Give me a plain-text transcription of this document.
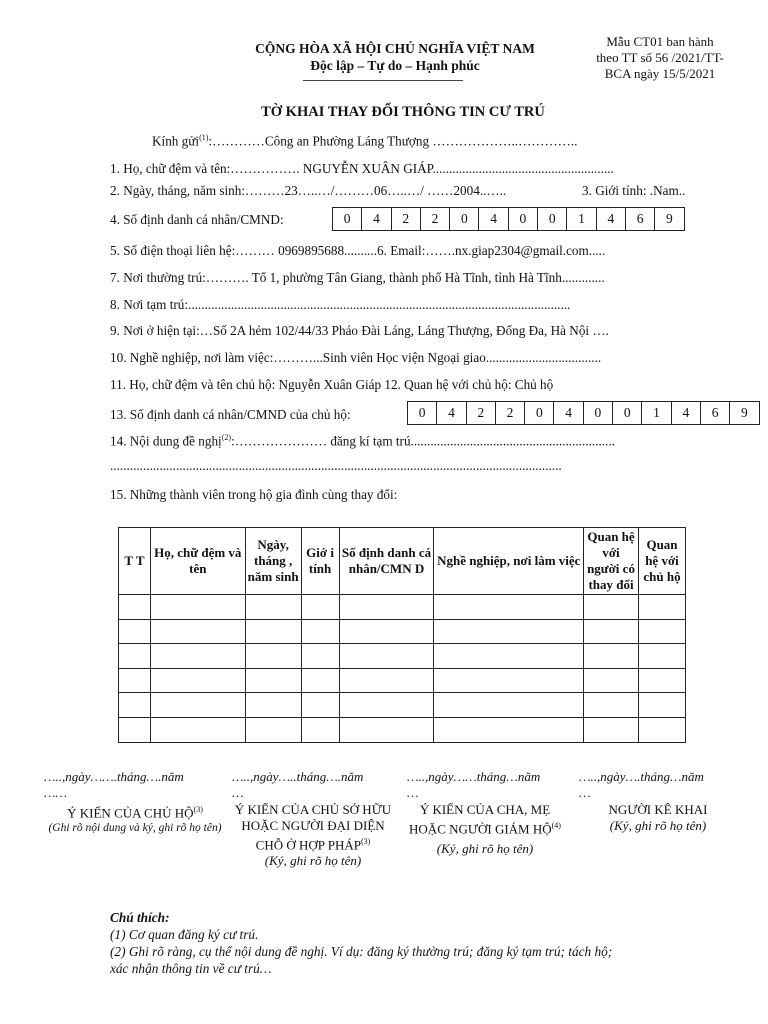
CỘNG HÒA XÃ HỘI CHỦ NGHĨA VIỆT NAM
Độc lập – Tự do – Hạnh phúc
Mẫu CT01 ban hành
theo TT số 56 /2021/TT-
BCA ngày 15/5/2021
TỜ KHAI THAY ĐỔI THÔNG TIN CƯ TRÚ
Kính gửi$^{(1)}$:…………Công an Phường Láng Thượng ………………..…………..
1. Họ, chữ đệm và tên:……………. NGUYỄN XUÂN GIÁP.......................................................
2. Ngày, tháng, năm sinh:………23…..…/………06…..…/ ……2004..…..	3. Giới tính: .Nam..
4. Số định danh cá nhân/CMND:	0	4	2	2	0	4	0	0	1	4	6	9
5. Số điện thoại liên hệ:……… 0969895688..........6. Email:…….nx.giap2304@gmail.com.....
7. Nơi thường trú:………. Tổ 1, phường Tân Giang, thành phố Hà Tĩnh, tỉnh Hà Tĩnh.............
8. Nơi tạm trú:....................................................................................................................
9. Nơi ở hiện tại:…Số 2A hẻm 102/44/33 Pháo Đài Láng, Láng Thượng, Đống Đa, Hà Nội ….
10. Nghề nghiệp, nơi làm việc:………...Sinh viên Học viện Ngoại giao...................................
11. Họ, chữ đệm và tên chủ hộ: Nguyễn Xuân Giáp 12. Quan hệ với chủ hộ: Chủ hộ
13. Số định danh cá nhân/CMND của chủ hộ:	0	4	2	2	0	4	0	0	1	4	6	9
14. Nội dung đề nghị$^{(2)}$:………………… đăng kí tạm trú..............................................................
.........................................................................................................................................
15. Những thành viên trong hộ gia đình cùng thay đổi:
T T	Họ, chữ đệm và tên	Ngày, tháng , năm sinh	Giớ i tính	Số định danh cá nhân/CMN D	Nghề nghiệp, nơi làm việc	Quan hệ với người có thay đổi	Quan hệ với chủ hộ

…..,ngày…….tháng….năm
……
…..,ngày…..tháng….năm
…
…..,ngày……tháng…năm
…
…..,ngày….tháng…năm
…
Ý KIẾN CỦA CHỦ HỘ$^{(3)}$
(Ghi rõ nội dung và ký, ghi rõ họ tên)
Ý KIẾN CỦA CHỦ SỞ HỮU HOẶC NGƯỜI ĐẠI DIỆN CHỖ Ở HỢP PHÁP$^{(3)}$
(Ký, ghi rõ họ tên)
Ý KIẾN CỦA CHA, MẸ HOẶC NGƯỜI GIÁM HỘ$^{(4)}$
(Ký, ghi rõ họ tên)
NGƯỜI KÊ KHAI
(Ký, ghi rõ họ tên)
Chú thích:
(1) Cơ quan đăng ký cư trú.
(2) Ghi rõ ràng, cụ thể nội dung đề nghị. Ví dụ: đăng ký thường trú; đăng ký tạm trú; tách hộ;
xác nhận thông tin về cư trú…
